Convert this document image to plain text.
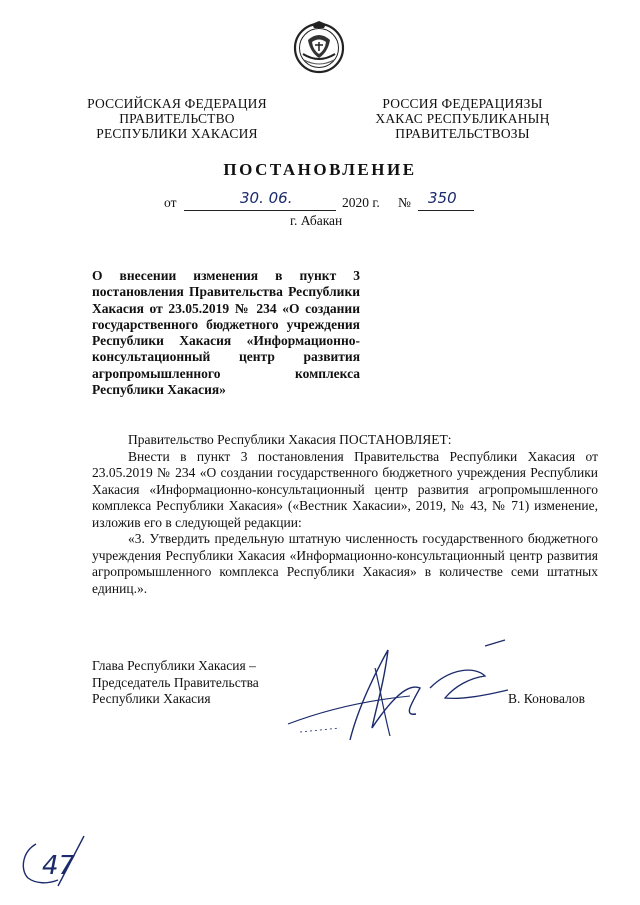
РОССИЙСКАЯ ФЕДЕРАЦИЯ
ПРАВИТЕЛЬСТВО
РЕСПУБЛИКИ ХАКАСИЯ
РОССИЯ ФЕДЕРАЦИЯЗЫ
ХАКАС РЕСПУБЛИКАНЫҢ
ПРАВИТЕЛЬСТВОЗЫ
ПОСТАНОВЛЕНИЕ
от	30. 06.	2020 г. № 350
г. Абакан
О внесении изменения в пункт 3 постановления Правительства Республики Хакасия от 23.05.2019 № 234 «О создании государственного бюджетного учреждения Республики Хакасия «Информационно-консультационный центр развития агропромышленного комплекса Республики Хакасия»

Правительство Республики Хакасия ПОСТАНОВЛЯЕТ:

Внести в пункт 3 постановления Правительства Республики Хакасия от 23.05.2019 № 234 «О создании государственного бюджетного учреждения Республики Хакасия «Информационно-консультационный центр развития агропромышленного комплекса Республики Хакасия» («Вестник Хакасии», 2019, № 43, № 71) изменение, изложив его в следующей редакции:

«3. Утвердить предельную штатную численность государственного бюджетного учреждения Республики Хакасия «Информационно-консультационный центр развития агропромышленного комплекса Республики Хакасия» в количестве семи штатных единиц.».

Глава Республики Хакасия –
Председатель Правительства
Республики Хакасия	В. Коновалов
47
